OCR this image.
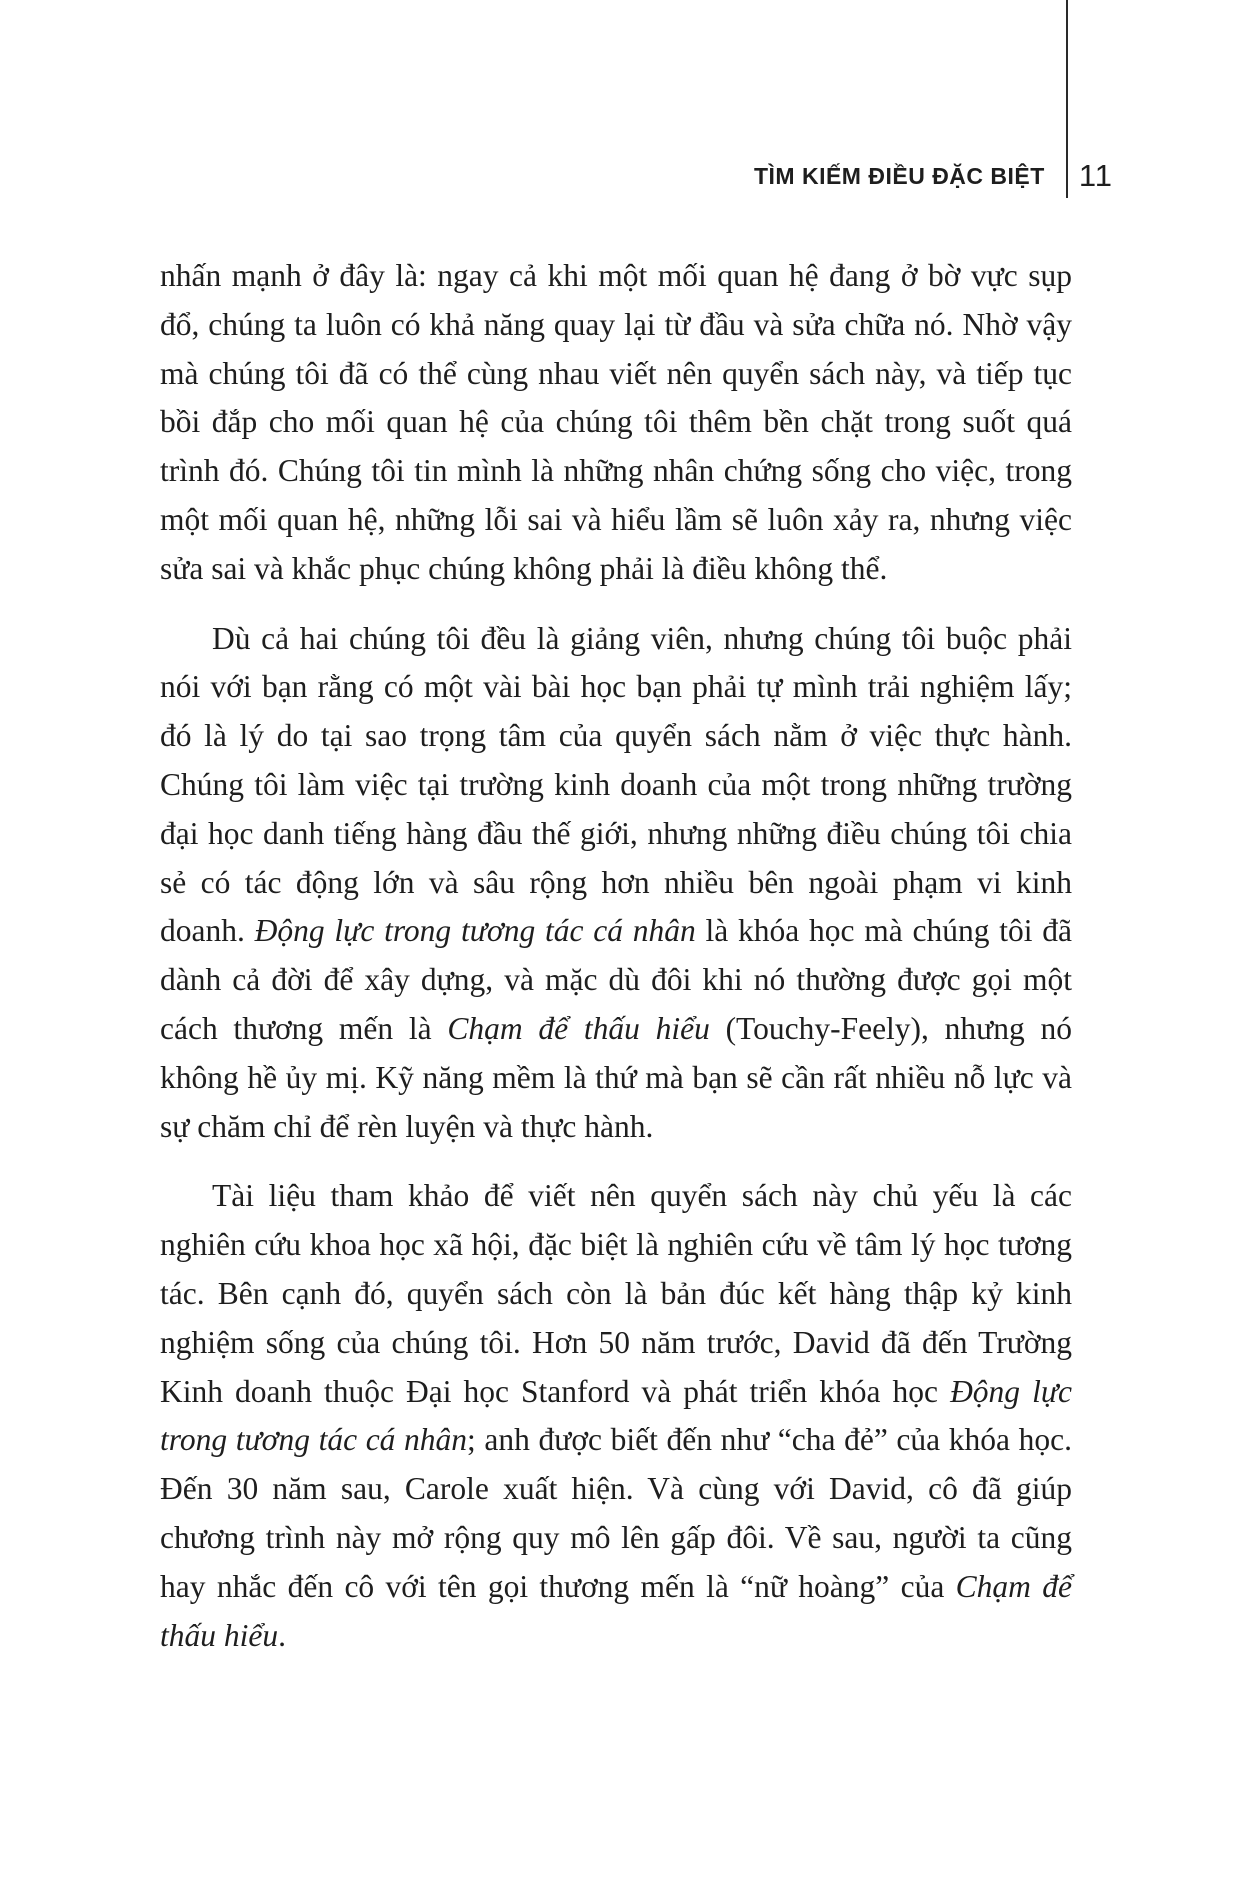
TÌM KIẾM ĐIỀU ĐẶC BIỆT 11

nhấn mạnh ở đây là: ngay cả khi một mối quan hệ đang ở bờ vực sụp đổ, chúng ta luôn có khả năng quay lại từ đầu và sửa chữa nó. Nhờ vậy mà chúng tôi đã có thể cùng nhau viết nên quyển sách này, và tiếp tục bồi đắp cho mối quan hệ của chúng tôi thêm bền chặt trong suốt quá trình đó. Chúng tôi tin mình là những nhân chứng sống cho việc, trong một mối quan hệ, những lỗi sai và hiểu lầm sẽ luôn xảy ra, nhưng việc sửa sai và khắc phục chúng không phải là điều không thể.

Dù cả hai chúng tôi đều là giảng viên, nhưng chúng tôi buộc phải nói với bạn rằng có một vài bài học bạn phải tự mình trải nghiệm lấy; đó là lý do tại sao trọng tâm của quyển sách nằm ở việc thực hành. Chúng tôi làm việc tại trường kinh doanh của một trong những trường đại học danh tiếng hàng đầu thế giới, nhưng những điều chúng tôi chia sẻ có tác động lớn và sâu rộng hơn nhiều bên ngoài phạm vi kinh doanh. Động lực trong tương tác cá nhân là khóa học mà chúng tôi đã dành cả đời để xây dựng, và mặc dù đôi khi nó thường được gọi một cách thương mến là Chạm để thấu hiểu (Touchy-Feely), nhưng nó không hề ủy mị. Kỹ năng mềm là thứ mà bạn sẽ cần rất nhiều nỗ lực và sự chăm chỉ để rèn luyện và thực hành.

Tài liệu tham khảo để viết nên quyển sách này chủ yếu là các nghiên cứu khoa học xã hội, đặc biệt là nghiên cứu về tâm lý học tương tác. Bên cạnh đó, quyển sách còn là bản đúc kết hàng thập kỷ kinh nghiệm sống của chúng tôi. Hơn 50 năm trước, David đã đến Trường Kinh doanh thuộc Đại học Stanford và phát triển khóa học Động lực trong tương tác cá nhân; anh được biết đến như “cha đẻ” của khóa học. Đến 30 năm sau, Carole xuất hiện. Và cùng với David, cô đã giúp chương trình này mở rộng quy mô lên gấp đôi. Về sau, người ta cũng hay nhắc đến cô với tên gọi thương mến là “nữ hoàng” của Chạm để thấu hiểu.
